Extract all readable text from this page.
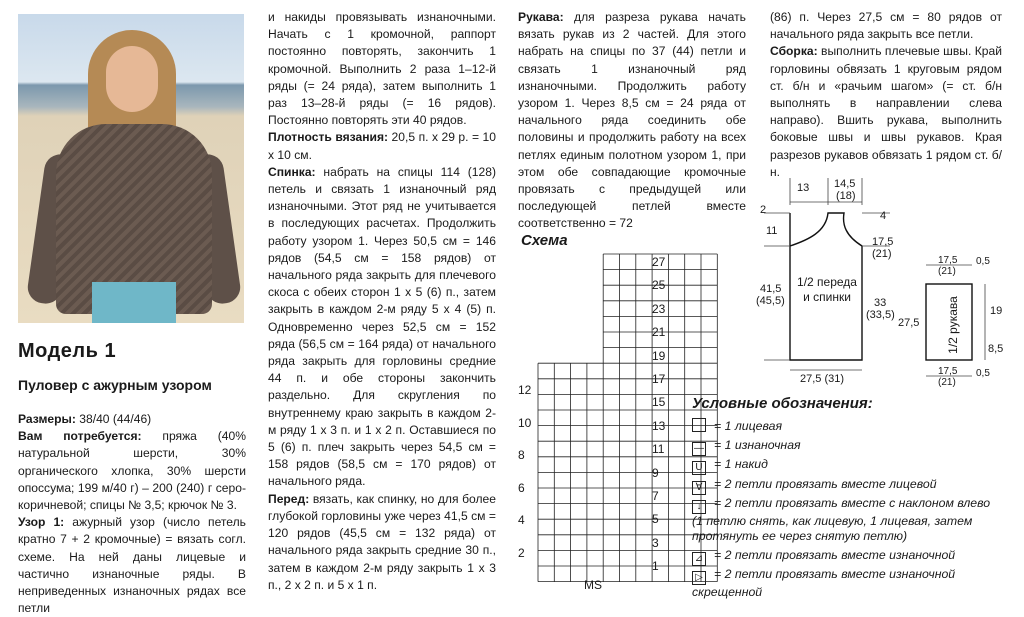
Модель 1
Пуловер с ажурным узором
Размеры: 38/40 (44/46)
Вам потребуется: пряжа (40% натуральной шерсти, 30% органического хлопка, 30% шерсти опоссума; 199 м/40 г) – 200 (240) г серо-коричневой; спицы № 3,5; крючок № 3.
Узор 1: ажурный узор (число петель кратно 7 + 2 кромочные) = вязать согл. схеме. На ней даны лицевые и частично изнаночные ряды. В неприведенных изнаночных рядах все петли
и накиды провязывать изнаночными. Начать с 1 кромочной, раппорт постоянно повторять, закончить 1 кромочной. Выполнить 2 раза 1–12-й ряды (= 24 ряда), затем выполнить 1 раз 13–28-й ряды (= 16 рядов). Постоянно повторять эти 40 рядов.
Плотность вязания: 20,5 п. х 29 р. = 10 х 10 см.
Спинка: набрать на спицы 114 (128) петель и связать 1 изнаночный ряд изнаночными. Этот ряд не учитывается в последующих расчетах. Продолжить работу узором 1. Через 50,5 см = 146 рядов (54,5 см = 158 рядов) от начального ряда закрыть для плечевого скоса с обеих сторон 1 х 5 (6) п., затем закрыть в каждом 2-м ряду 5 х 4 (5) п. Одновременно через 52,5 см = 152 ряда (56,5 см = 164 ряда) от начального ряда закрыть для горловины средние 44 п. и обе стороны закончить раздельно. Для скругления по внутреннему краю закрыть в каждом 2-м ряду 1 х 3 п. и 1 х 2 п. Оставшиеся по 5 (6) п. плеч закрыть через 54,5 см = 158 рядов (58,5 см = 170 рядов) от начального ряда.
Перед: вязать, как спинку, но для более глубокой горловины уже через 41,5 см = 120 рядов (45,5 см = 132 ряда) от начального ряда закрыть средние 30 п., затем в каждом 2-м ряду закрыть 1 х 3 п., 2 х 2 п. и 5 х 1 п.
Рукава: для разреза рукава начать вязать рукав из 2 частей. Для этого набрать на спицы по 37 (44) петли и связать 1 изнаночный ряд изнаночными. Продолжить работу узором 1. Через 8,5 см = 24 ряда от начального ряда соединить обе половины и продолжить работу на всех петлях единым полотном узором 1, при этом обе совпадающие кромочные провязать с предыдущей или последующей петлей вместе соответственно = 72
(86) п. Через 27,5 см = 80 рядов от начального ряда закрыть все петли.
Сборка: выполнить плечевые швы. Край горловины обвязать 1 круговым рядом ст. б/н и «рачьим шагом» (= ст. б/н выполнять в направлении слева направо). Вшить рукава, выполнить боковые швы и швы рукавов. Края разрезов рукавов обвязать 1 рядом ст. б/н.
Схема
27
25
23
21
19
17
15
13
11
9
7
5
3
1
12
10
8
6
4
2
MS
1/2 переда и спинки	1/2 рукава
13 14,5
(18)
2
11
4
17,5
(21)
41,5
(45,5)	33
(33,5)
27,5 (31)
17,5
(21)
0,5
27,5
19
8,5
17,5
(21)
0,5
Условные обозначения:
= 1 лицевая
— = 1 изнаночная
U = 1 накид
∀ = 2 петли провязать вместе лицевой
↓ = 2 петли провязать вместе с наклоном влево
(1 петлю снять, как лицевую, 1 лицевая, затем протянуть ее через снятую петлю)
⊿ = 2 петли провязать вместе изнаночной
▷ = 2 петли провязать вместе изнаночной скрещенной
